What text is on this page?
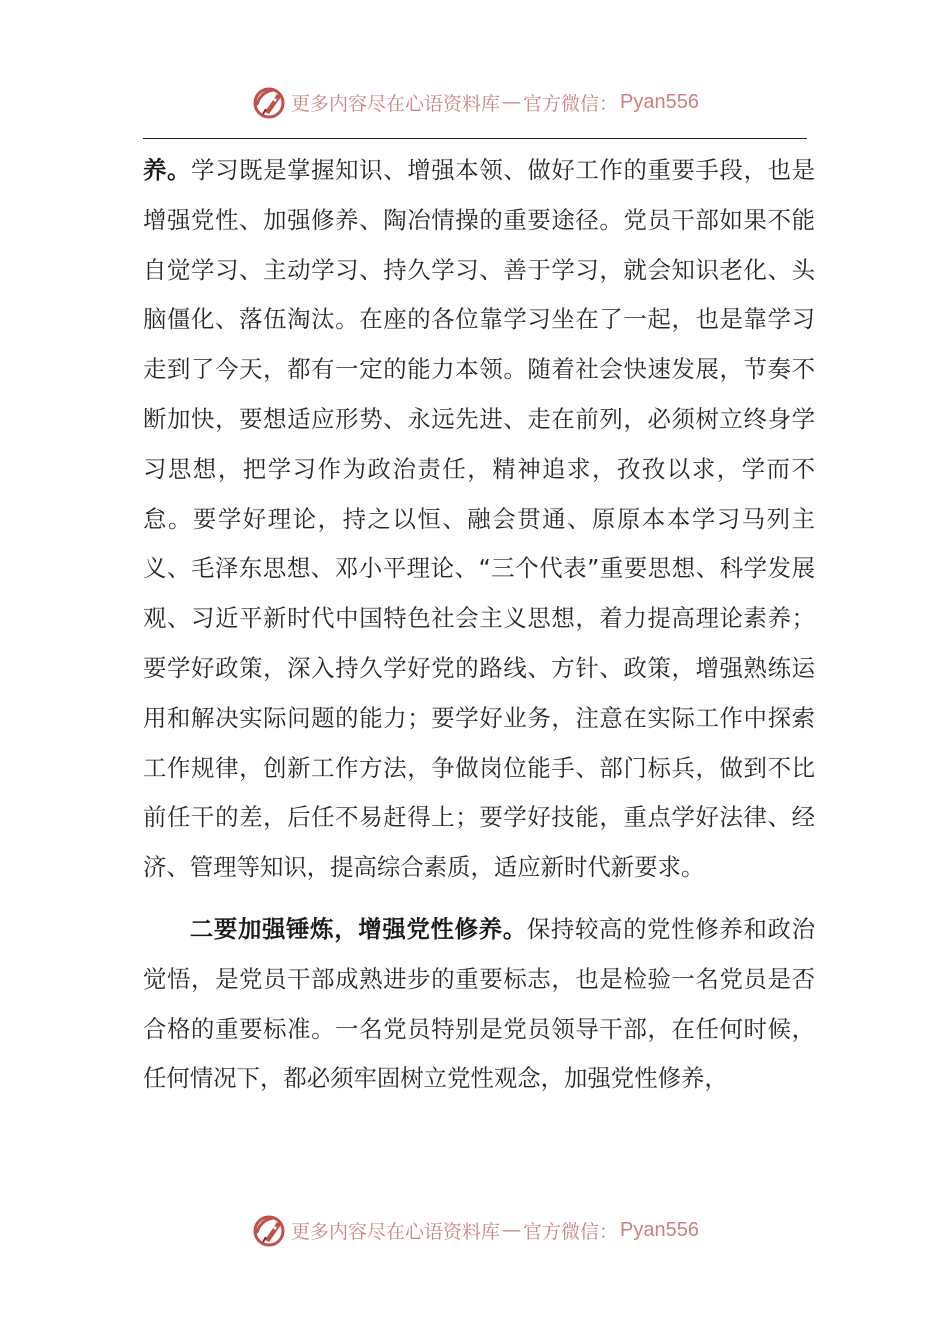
更多内容尽在心语资料库 — 官方微信： Pyan556

养。学习既是掌握知识、增强本领、做好工作的重要手段，也是增强党性、加强修养、陶冶情操的重要途径。党员干部如果不能自觉学习、主动学习、持久学习、善于学习，就会知识老化、头脑僵化、落伍淘汰。在座的各位靠学习坐在了一起，也是靠学习走到了今天，都有一定的能力本领。随着社会快速发展，节奏不断加快，要想适应形势、永远先进、走在前列，必须树立终身学习思想，把学习作为政治责任，精神追求，孜孜以求，学而不怠。要学好理论，持之以恒、融会贯通、原原本本学习马列主义、毛泽东思想、邓小平理论、“三个代表”重要思想、科学发展观、习近平新时代中国特色社会主义思想，着力提高理论素养；要学好政策，深入持久学好党的路线、方针、政策，增强熟练运用和解决实际问题的能力；要学好业务，注意在实际工作中探索工作规律，创新工作方法，争做岗位能手、部门标兵，做到不比前任干的差，后任不易赶得上；要学好技能，重点学好法律、经济、管理等知识，提高综合素质，适应新时代新要求。

二要加强锤炼，增强党性修养。保持较高的党性修养和政治觉悟，是党员干部成熟进步的重要标志，也是检验一名党员是否合格的重要标准。一名党员特别是党员领导干部，在任何时候，任何情况下，都必须牢固树立党性观念，加强党性修养，

更多内容尽在心语资料库 — 官方微信： Pyan556
